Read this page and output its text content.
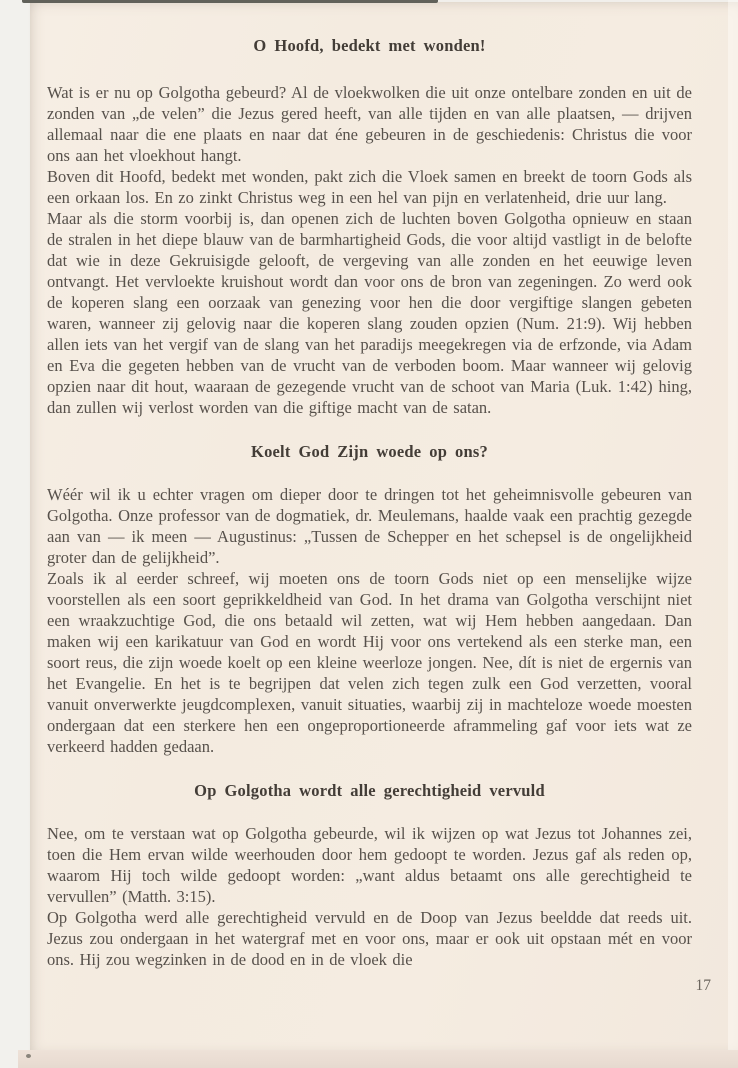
O Hoofd, bedekt met wonden!

Wat is er nu op Golgotha gebeurd? Al de vloekwolken die uit onze ontelbare zonden en uit de zonden van „de velen” die Jezus gered heeft, van alle tijden en van alle plaatsen, — drijven allemaal naar die ene plaats en naar dat éne gebeuren in de geschiedenis: Christus die voor ons aan het vloekhout hangt.

Boven dit Hoofd, bedekt met wonden, pakt zich die Vloek samen en breekt de toorn Gods als een orkaan los. En zo zinkt Christus weg in een hel van pijn en verlatenheid, drie uur lang.

Maar als die storm voorbij is, dan openen zich de luchten boven Golgotha opnieuw en staan de stralen in het diepe blauw van de barmhartigheid Gods, die voor altijd vastligt in de belofte dat wie in deze Gekruisigde gelooft, de vergeving van alle zonden en het eeuwige leven ontvangt. Het vervloekte kruishout wordt dan voor ons de bron van zegeningen. Zo werd ook de koperen slang een oorzaak van genezing voor hen die door vergiftige slangen gebeten waren, wanneer zij gelovig naar die koperen slang zouden opzien (Num. 21:9). Wij hebben allen iets van het vergif van de slang van het paradijs meegekregen via de erfzonde, via Adam en Eva die gegeten hebben van de vrucht van de verboden boom. Maar wanneer wij gelovig opzien naar dit hout, waaraan de gezegende vrucht van de schoot van Maria (Luk. 1:42) hing, dan zullen wij verlost worden van die giftige macht van de satan.

Koelt God Zijn woede op ons?

Wéér wil ik u echter vragen om dieper door te dringen tot het geheimnisvolle gebeuren van Golgotha. Onze professor van de dogmatiek, dr. Meulemans, haalde vaak een prachtig gezegde aan van — ik meen — Augustinus: „Tussen de Schepper en het schepsel is de ongelijkheid groter dan de gelijkheid”.

Zoals ik al eerder schreef, wij moeten ons de toorn Gods niet op een menselijke wijze voorstellen als een soort geprikkeldheid van God. In het drama van Golgotha verschijnt niet een wraakzuchtige God, die ons betaald wil zetten, wat wij Hem hebben aangedaan. Dan maken wij een karikatuur van God en wordt Hij voor ons vertekend als een sterke man, een soort reus, die zijn woede koelt op een kleine weerloze jongen. Nee, dít is niet de ergernis van het Evangelie. En het is te begrijpen dat velen zich tegen zulk een God verzetten, vooral vanuit onverwerkte jeugdcomplexen, vanuit situaties, waarbij zij in machteloze woede moesten ondergaan dat een sterkere hen een ongeproportioneerde aframmeling gaf voor iets wat ze verkeerd hadden gedaan.

Op Golgotha wordt alle gerechtigheid vervuld

Nee, om te verstaan wat op Golgotha gebeurde, wil ik wijzen op wat Jezus tot Johannes zei, toen die Hem ervan wilde weerhouden door hem gedoopt te worden. Jezus gaf als reden op, waarom Hij toch wilde gedoopt worden: „want aldus betaamt ons alle gerechtigheid te vervullen” (Matth. 3:15).

Op Golgotha werd alle gerechtigheid vervuld en de Doop van Jezus beeldde dat reeds uit. Jezus zou ondergaan in het watergraf met en voor ons, maar er ook uit opstaan mét en voor ons. Hij zou wegzinken in de dood en in de vloek die

17
